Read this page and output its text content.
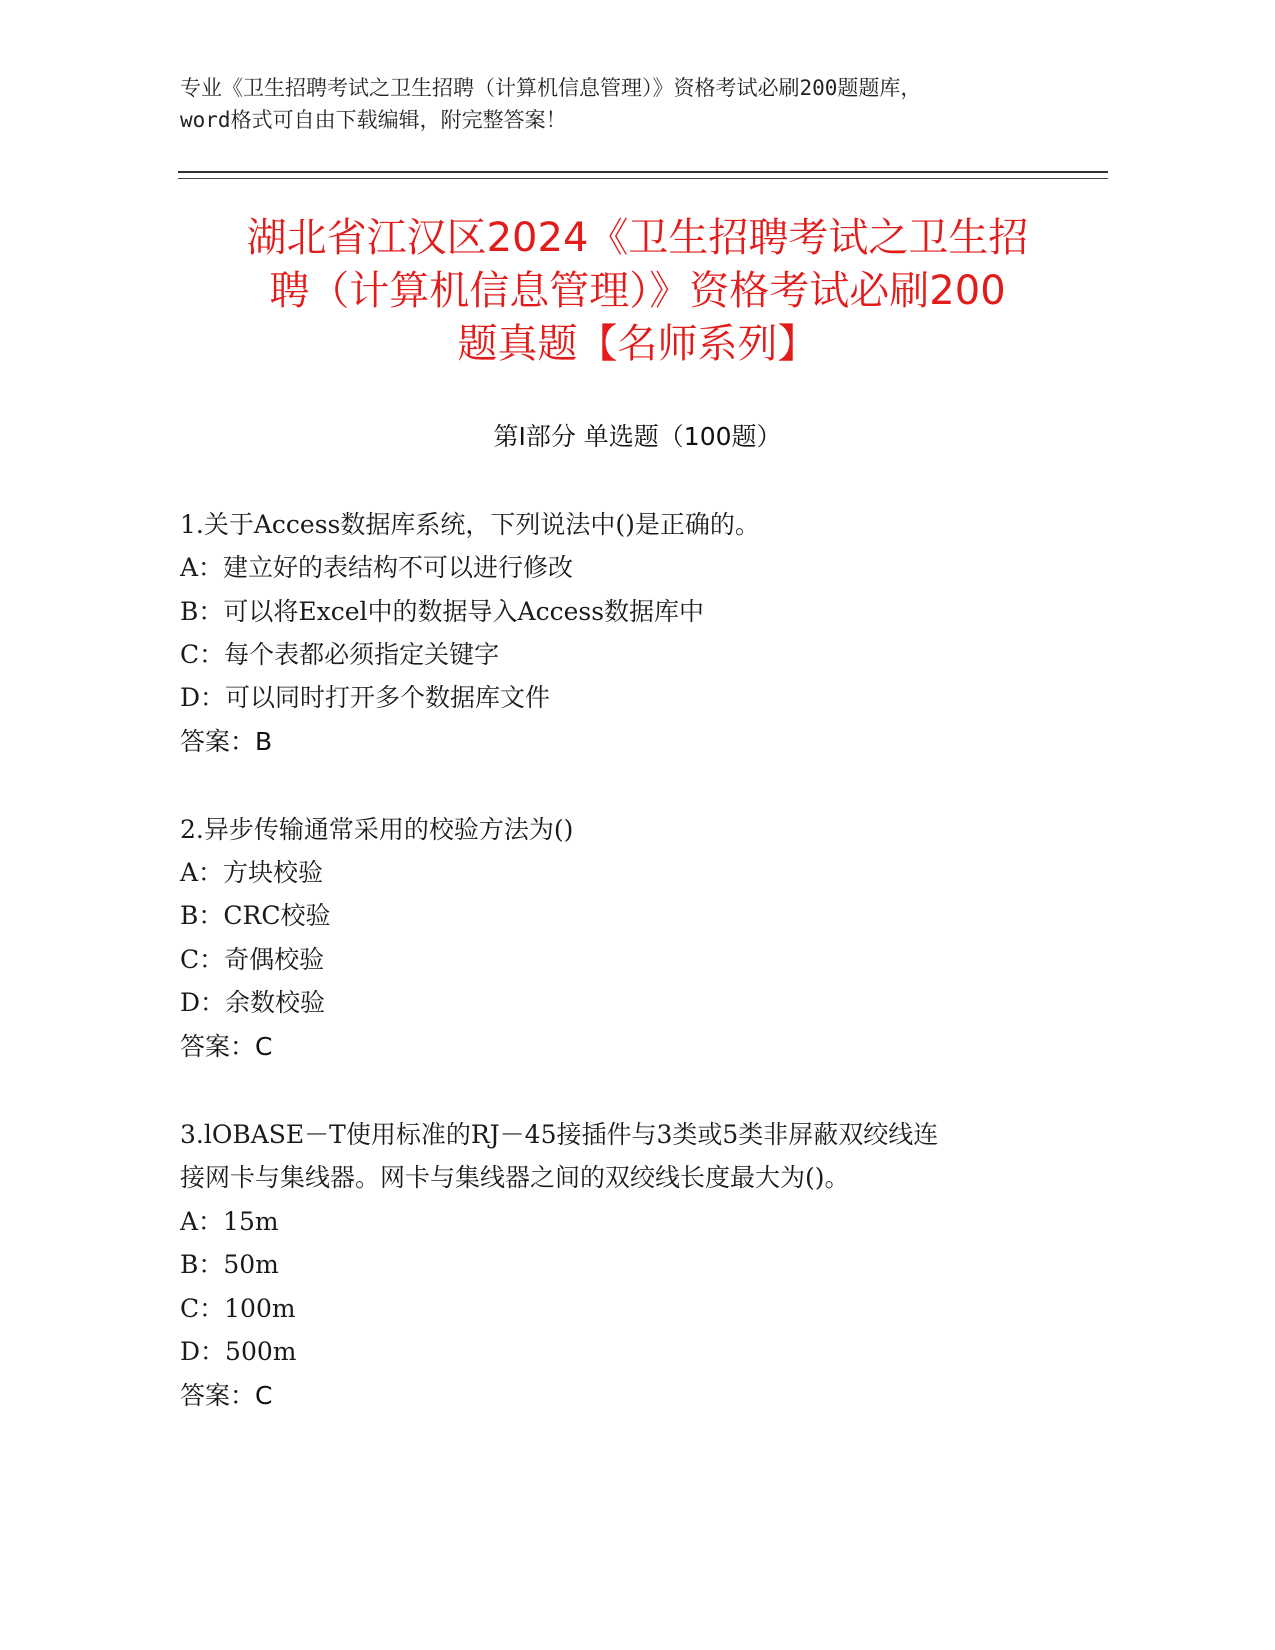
专业《卫生招聘考试之卫生招聘（计算机信息管理）》资格考试必刷200题题库，
word格式可自由下载编辑，附完整答案！
湖北省江汉区2024《卫生招聘考试之卫生招
聘（计算机信息管理）》资格考试必刷200
题真题【名师系列】
第Ⅰ部分 单选题（100题）
1.关于Access数据库系统，下列说法中()是正确的。
A：建立好的表结构不可以进行修改
B：可以将Excel中的数据导入Access数据库中
C：每个表都必须指定关键字
D：可以同时打开多个数据库文件
答案：B
2.异步传输通常采用的校验方法为()
A：方块校验
B：CRC校验
C：奇偶校验
D：余数校验
答案：C
3.lOBASE－T使用标准的RJ－45接插件与3类或5类非屏蔽双绞线连
接网卡与集线器。网卡与集线器之间的双绞线长度最大为()。
A：15m
B：50m
C：100m
D：500m
答案：C
